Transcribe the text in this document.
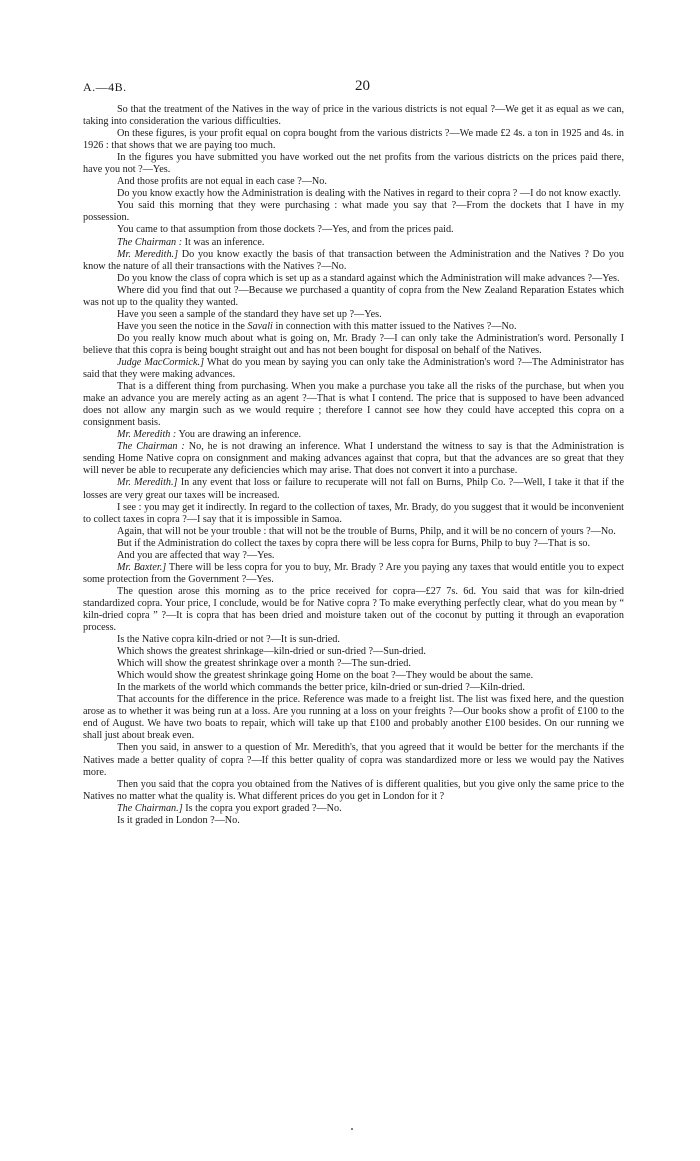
A.—4B.	20

So that the treatment of the Natives in the way of price in the various districts is not equal ?—We get it as equal as we can, taking into consideration the various difficulties.

On these figures, is your profit equal on copra bought from the various districts ?—We made £2 4s. a ton in 1925 and 4s. in 1926 : that shows that we are paying too much.

In the figures you have submitted you have worked out the net profits from the various districts on the prices paid there, have you not ?—Yes.

And those profits are not equal in each case ?—No.

Do you know exactly how the Administration is dealing with the Natives in regard to their copra ? —I do not know exactly.

You said this morning that they were purchasing : what made you say that ?—From the dockets that I have in my possession.

You came to that assumption from those dockets ?—Yes, and from the prices paid.

The Chairman : It was an inference.

Mr. Meredith.] Do you know exactly the basis of that transaction between the Administration and the Natives ? Do you know the nature of all their transactions with the Natives ?—No.

Do you know the class of copra which is set up as a standard against which the Administration will make advances ?—Yes.

Where did you find that out ?—Because we purchased a quantity of copra from the New Zealand Reparation Estates which was not up to the quality they wanted.

Have you seen a sample of the standard they have set up ?—Yes.

Have you seen the notice in the Savali in connection with this matter issued to the Natives ?—No.

Do you really know much about what is going on, Mr. Brady ?—I can only take the Administration's word. Personally I believe that this copra is being bought straight out and has not been bought for disposal on behalf of the Natives.

Judge MacCormick.] What do you mean by saying you can only take the Administration's word ?—The Administrator has said that they were making advances.

That is a different thing from purchasing. When you make a purchase you take all the risks of the purchase, but when you make an advance you are merely acting as an agent ?—That is what I contend. The price that is supposed to have been advanced does not allow any margin such as we would require ; therefore I cannot see how they could have accepted this copra on a consignment basis.

Mr. Meredith : You are drawing an inference.

The Chairman : No, he is not drawing an inference. What I understand the witness to say is that the Administration is sending Home Native copra on consignment and making advances against that copra, but that the advances are so great that they will never be able to recuperate any deficiencies which may arise. That does not convert it into a purchase.

Mr. Meredith.] In any event that loss or failure to recuperate will not fall on Burns, Philp Co. ?—Well, I take it that if the losses are very great our taxes will be increased.

I see : you may get it indirectly. In regard to the collection of taxes, Mr. Brady, do you suggest that it would be inconvenient to collect taxes in copra ?—I say that it is impossible in Samoa.

Again, that will not be your trouble : that will not be the trouble of Burns, Philp, and it will be no concern of yours ?—No.

But if the Administration do collect the taxes by copra there will be less copra for Burns, Philp to buy ?—That is so.

And you are affected that way ?—Yes.

Mr. Baxter.] There will be less copra for you to buy, Mr. Brady ? Are you paying any taxes that would entitle you to expect some protection from the Government ?—Yes.

The question arose this morning as to the price received for copra—£27 7s. 6d. You said that was for kiln-dried standardized copra. Your price, I conclude, would be for Native copra ? To make everything perfectly clear, what do you mean by “ kiln-dried copra ” ?—It is copra that has been dried and moisture taken out of the coconut by putting it through an evaporation process.

Is the Native copra kiln-dried or not ?—It is sun-dried.

Which shows the greatest shrinkage—kiln-dried or sun-dried ?—Sun-dried.

Which will show the greatest shrinkage over a month ?—The sun-dried.

Which would show the greatest shrinkage going Home on the boat ?—They would be about the same.

In the markets of the world which commands the better price, kiln-dried or sun-dried ?—Kiln-dried.

That accounts for the difference in the price. Reference was made to a freight list. The list was fixed here, and the question arose as to whether it was being run at a loss. Are you running at a loss on your freights ?—Our books show a profit of £100 to the end of August. We have two boats to repair, which will take up that £100 and probably another £100 besides. On our running we shall just about break even.

Then you said, in answer to a question of Mr. Meredith's, that you agreed that it would be better for the merchants if the Natives made a better quality of copra ?—If this better quality of copra was standardized more or less we would pay the Natives more.

Then you said that the copra you obtained from the Natives of is different qualities, but you give only the same price to the Natives no matter what the quality is. What different prices do you get in London for it ?

The Chairman.] Is the copra you export graded ?—No.

Is it graded in London ?—No.
